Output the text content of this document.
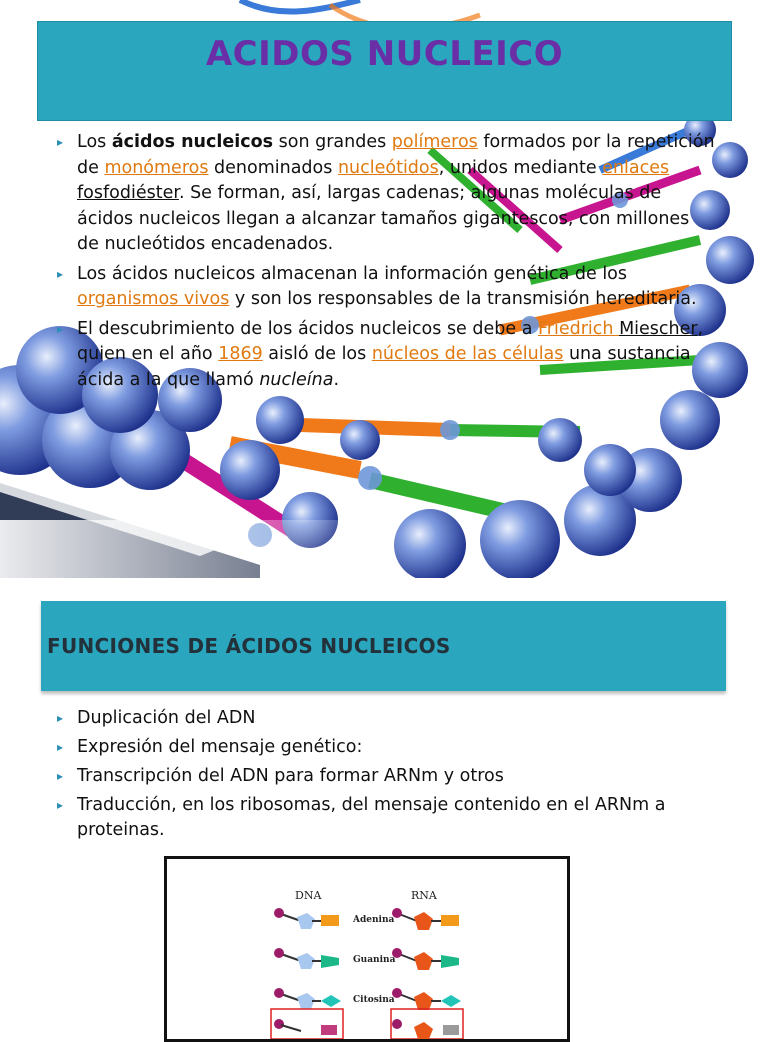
ACIDOS NUCLEICO
▸ Los ácidos nucleicos son grandes polímeros formados por la repetición de monómeros denominados nucleótidos, unidos mediante enlaces fosfodiéster. Se forman, así, largas cadenas; algunas moléculas de ácidos nucleicos llegan a alcanzar tamaños gigantescos, con millones de nucleótidos encadenados.
▸ Los ácidos nucleicos almacenan la información genética de los organismos vivos y son los responsables de la transmisión hereditaria.
▸ El descubrimiento de los ácidos nucleicos se debe a Friedrich Miescher, quien en el año 1869 aisló de los núcleos de las células una sustancia ácida a la que llamó nucleína.
FUNCIONES DE ÁCIDOS NUCLEICOS
▸ Duplicación del ADN
▸ Expresión del mensaje genético:
▸ Transcripción del ADN para formar ARNm y otros
▸ Traducción, en los ribosomas, del mensaje contenido en el ARNm a proteinas.
DNA	RNA
Adenina
Guanina
Citosina
